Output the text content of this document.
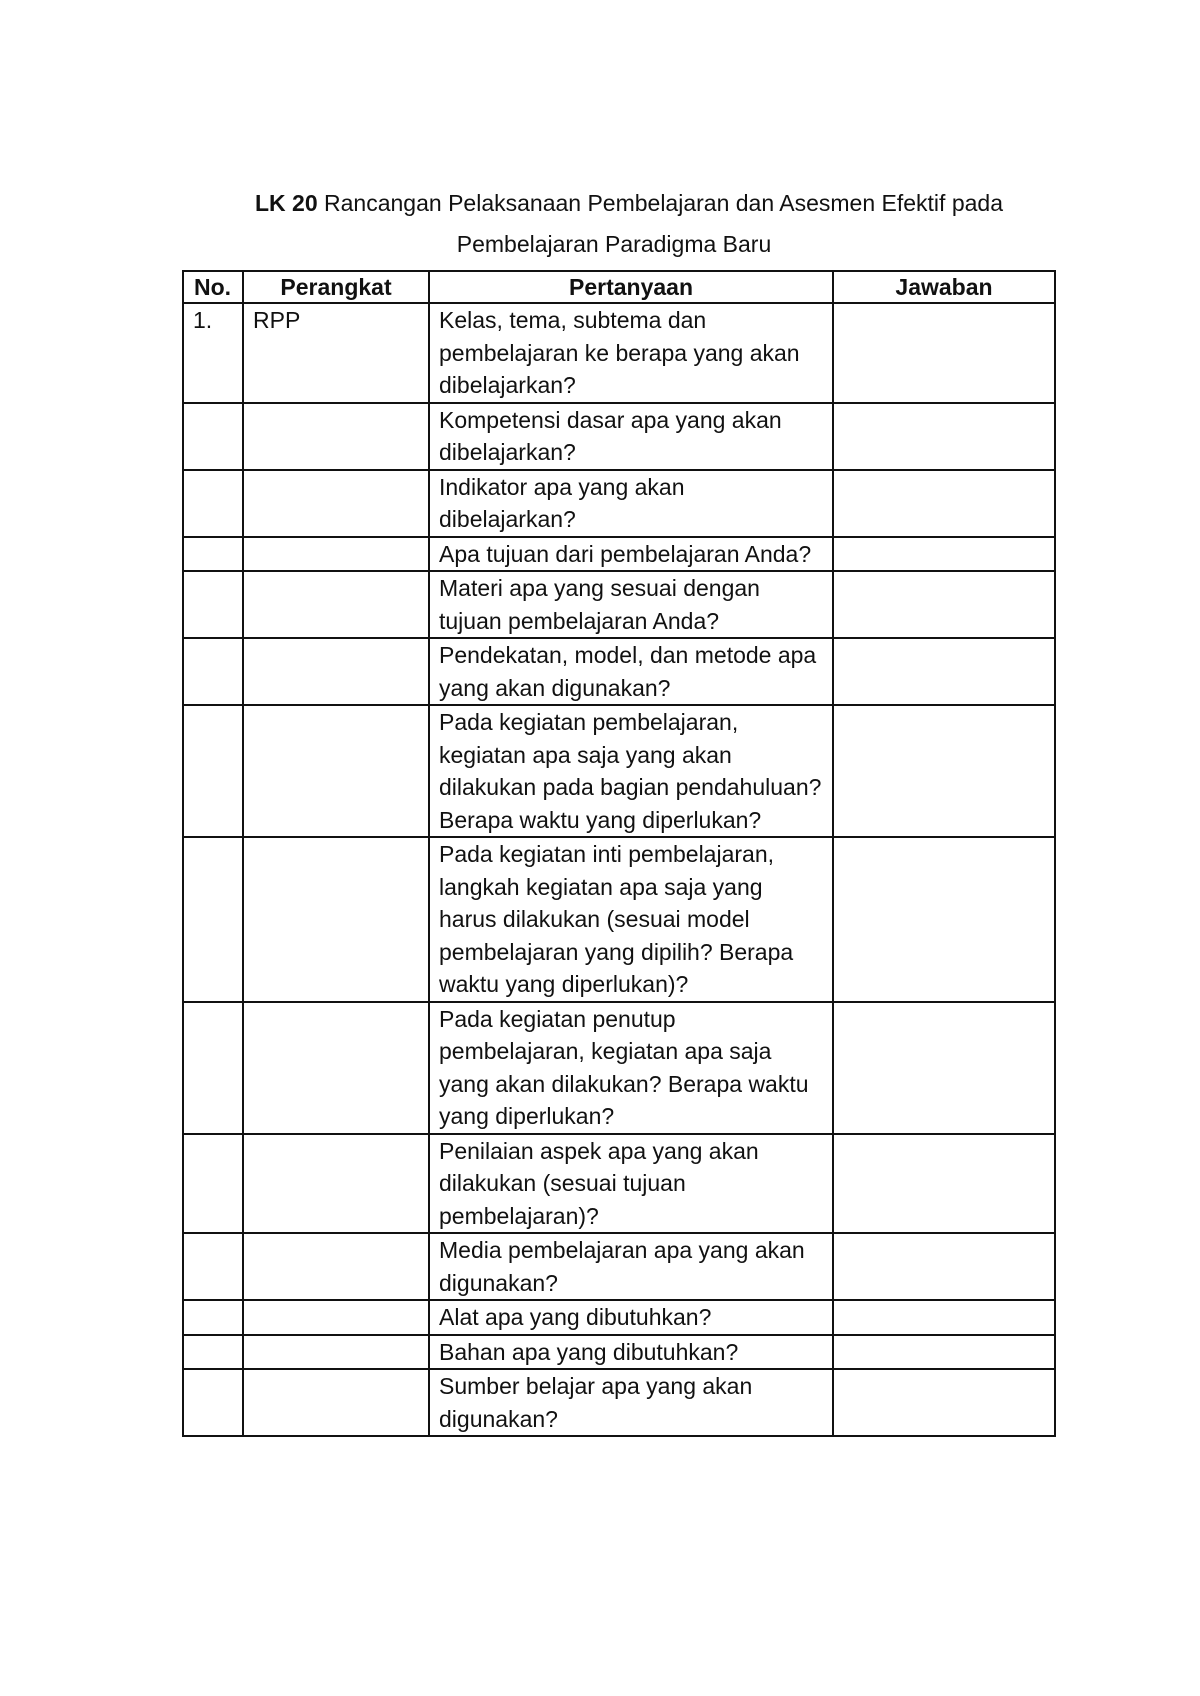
LK 20 Rancangan Pelaksanaan Pembelajaran dan Asesmen Efektif pada
Pembelajaran Paradigma Baru
No.	Perangkat	Pertanyaan	Jawaban
1.	RPP	Kelas, tema, subtema dan pembelajaran ke berapa yang akan dibelajarkan?	
		Kompetensi dasar apa yang akan dibelajarkan?	
		Indikator apa yang akan dibelajarkan?	
		Apa tujuan dari pembelajaran Anda?	
		Materi apa yang sesuai dengan tujuan pembelajaran Anda?	
		Pendekatan, model, dan metode apa yang akan digunakan?	
		Pada kegiatan pembelajaran, kegiatan apa saja yang akan dilakukan pada bagian pendahuluan? Berapa waktu yang diperlukan?	
		Pada kegiatan inti pembelajaran, langkah kegiatan apa saja yang harus dilakukan (sesuai model pembelajaran yang dipilih? Berapa waktu yang diperlukan)?	
		Pada kegiatan penutup pembelajaran, kegiatan apa saja yang akan dilakukan? Berapa waktu yang diperlukan?	
		Penilaian aspek apa yang akan dilakukan (sesuai tujuan pembelajaran)?	
		Media pembelajaran apa yang akan digunakan?	
		Alat apa yang dibutuhkan?	
		Bahan apa yang dibutuhkan?	
		Sumber belajar apa yang akan digunakan?	
